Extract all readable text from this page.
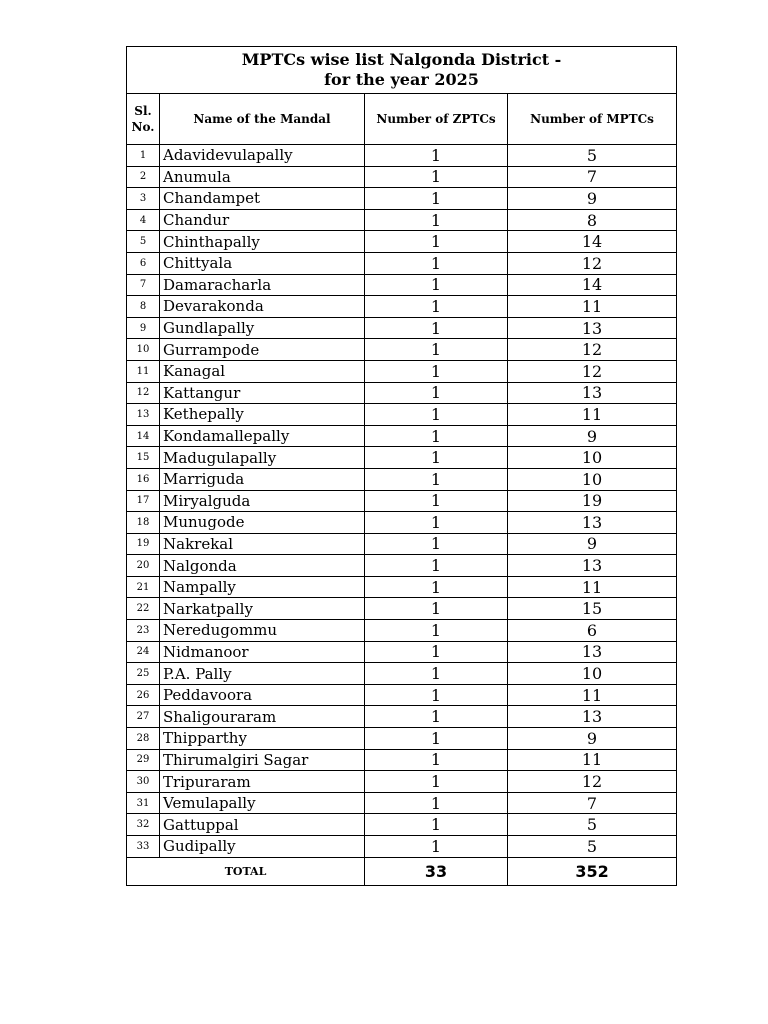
MPTCs wise list Nalgonda District -
for the year 2025			

Sl. No.	Name of the Mandal	Number of ZPTCs	Number of MPTCs
1	Adavidevulapally	1	5
2	Anumula	1	7
3	Chandampet	1	9
4	Chandur	1	8
5	Chinthapally	1	14
6	Chittyala	1	12
7	Damaracharla	1	14
8	Devarakonda	1	11
9	Gundlapally	1	13
10	Gurrampode	1	12
11	Kanagal	1	12
12	Kattangur	1	13
13	Kethepally	1	11
14	Kondamallepally	1	9
15	Madugulapally	1	10
16	Marriguda	1	10
17	Miryalguda	1	19
18	Munugode	1	13
19	Nakrekal	1	9
20	Nalgonda	1	13
21	Nampally	1	11
22	Narkatpally	1	15
23	Neredugommu	1	6
24	Nidmanoor	1	13
25	P.A. Pally	1	10
26	Peddavoora	1	11
27	Shaligouraram	1	13
28	Thipparthy	1	9
29	Thirumalgiri Sagar	1	11
30	Tripuraram	1	12
31	Vemulapally	1	7
32	Gattuppal	1	5
33	Gudipally	1	5
TOTAL		33	352
